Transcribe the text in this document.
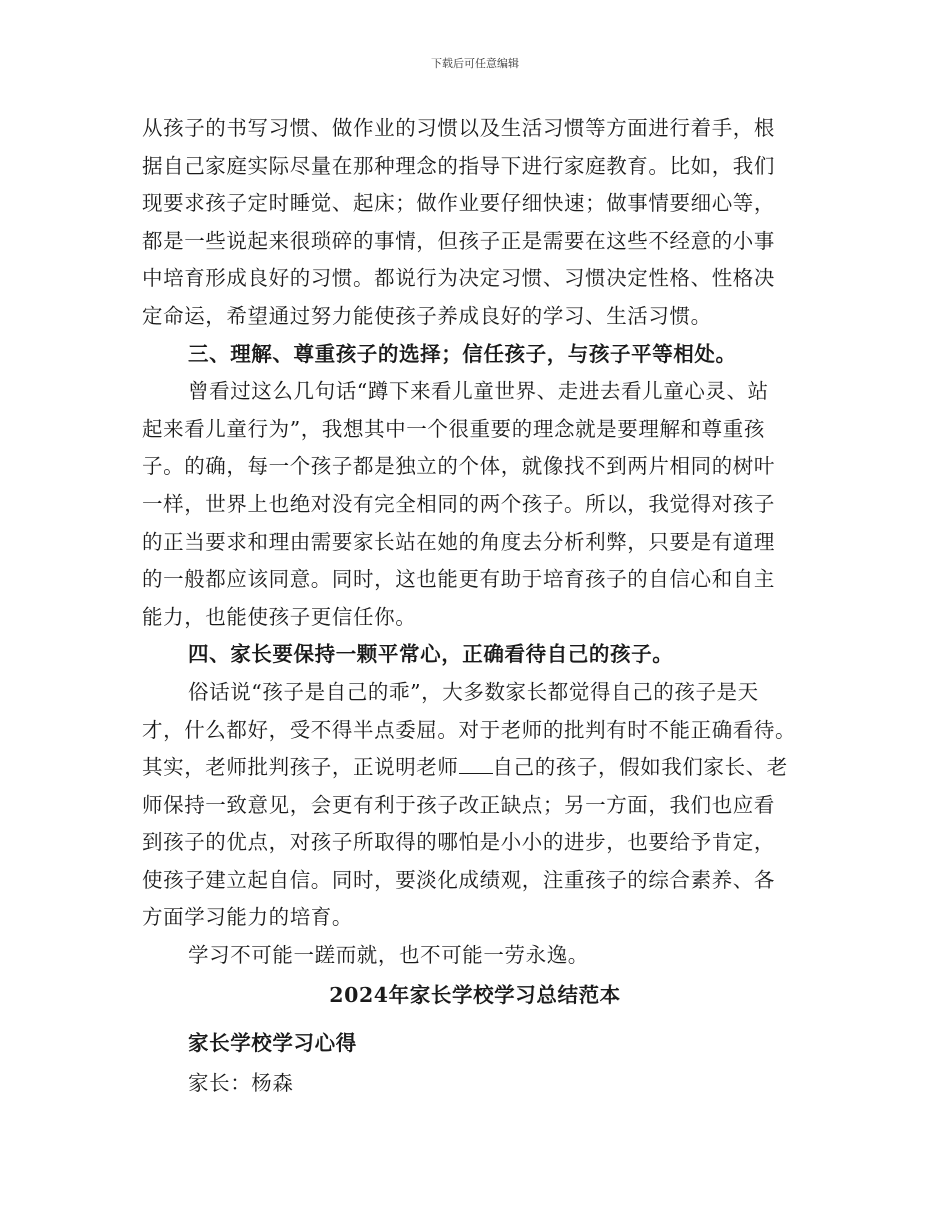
下载后可任意编辑
从孩子的书写习惯、做作业的习惯以及生活习惯等方面进行着手，根
据自己家庭实际尽量在那种理念的指导下进行家庭教育。比如，我们
现要求孩子定时睡觉、起床；做作业要仔细快速；做事情要细心等，
都是一些说起来很琐碎的事情，但孩子正是需要在这些不经意的小事
中培育形成良好的习惯。都说行为决定习惯、习惯决定性格、性格决
定命运，希望通过努力能使孩子养成良好的学习、生活习惯。
三、理解、尊重孩子的选择；信任孩子，与孩子平等相处。
曾看过这么几句话“蹲下来看儿童世界、走进去看儿童心灵、站
起来看儿童行为”，我想其中一个很重要的理念就是要理解和尊重孩
子。的确，每一个孩子都是独立的个体，就像找不到两片相同的树叶
一样，世界上也绝对没有完全相同的两个孩子。所以，我觉得对孩子
的正当要求和理由需要家长站在她的角度去分析利弊，只要是有道理
的一般都应该同意。同时，这也能更有助于培育孩子的自信心和自主
能力，也能使孩子更信任你。
四、家长要保持一颗平常心，正确看待自己的孩子。
俗话说“孩子是自己的乖”，大多数家长都觉得自己的孩子是天
才，什么都好，受不得半点委屈。对于老师的批判有时不能正确看待。
其实，老师批判孩子，正说明老师 自己的孩子，假如我们家长、老
师保持一致意见，会更有利于孩子改正缺点；另一方面，我们也应看
到孩子的优点，对孩子所取得的哪怕是小小的进步，也要给予肯定，
使孩子建立起自信。同时，要淡化成绩观，注重孩子的综合素养、各
方面学习能力的培育。
学习不可能一蹉而就，也不可能一劳永逸。
2024年家长学校学习总结范本
家长学校学习心得
家长：杨森
